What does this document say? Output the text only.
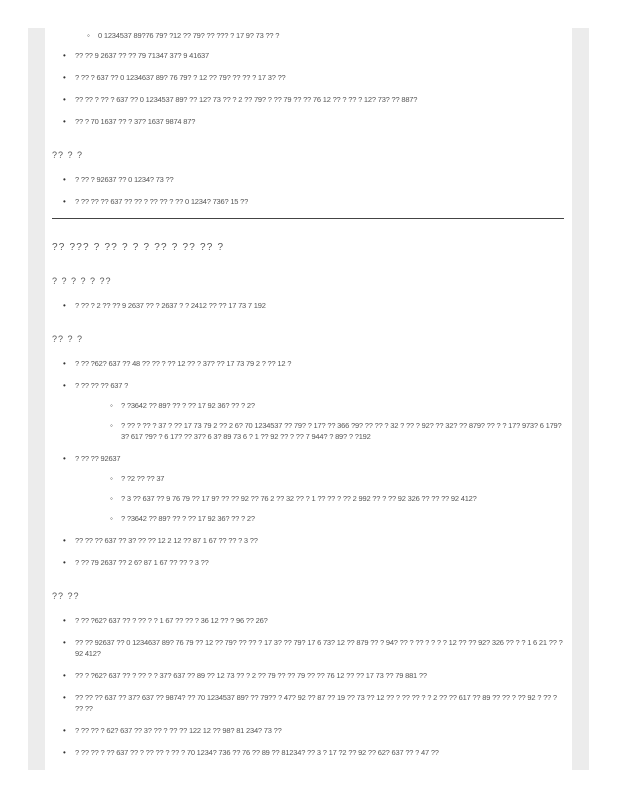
◦ 0 1234537 89?76 79? ?12 ?? 79? ?? ??? ? 17 9? 73 ?? ?
• ?? ?? 9 2637 ?? ?? 79 71347 37? 9 41637
• ? ?? ? 637 ?? 0 1234637 89? 76 79? ? 12 ?? 79? ?? ?? ? 17 3? ??
• ?? ?? ? ?? ? 637 ?? 0 1234537 89? ?? 12? 73 ?? ? 2 ?? 79? ? ?? 79 ?? ?? 76 12 ?? ? ?? ? 12? 73? ?? 887?
• ?? ? 70 1637 ?? ? 37? 1637 9874 87?
?? ? ?
• ? ?? ? 92637 ?? 0 1234? 73 ??
• ? ?? ?? ?? 637 ?? ?? ? ?? ?? ? ?? 0 1234? 736? 15 ??
?? ??? ? ?? ? ? ? ?? ? ?? ?? ?
? ? ? ? ? ??
• ? ?? ? 2 ?? ?? 9 2637 ?? ? 2637 ? ? 2412 ?? ?? 17 73 7 192
?? ? ?
• ? ?? ?62? 637 ?? 48 ?? ?? ? ?? 12 ?? ? 37? ?? 17 73 79 2 ? ?? 12 ?
• ? ?? ?? ?? 637 ?
◦ ? ?3642 ?? 89? ?? ? ?? 17 92 36? ?? ? 2?
◦ ? ?? ? ?? ? 37 ? ?? 17 73 79 2 ?? 2 6? 70 1234537 ?? 79? ? 17? ?? 366 ?9? ?? ?? ? 32 ? ?? ? 92? ?? 32? ?? 879? ?? ? ? 17? 973? 6 179?
3? 617 ?9? ? 6 17? ?? 37? 6 3? 89 73 6 ? 1 ?? 92 ?? ? ?? 7 944? ? 89? ? ?192
• ? ?? ?? 92637
◦ ? ?2 ?? ?? 37
◦ ? 3 ?? 637 ?? 9 76 79 ?? 17 9? ?? ?? 92 ?? 76 2 ?? 32 ?? ? 1 ?? ?? ? ?? 2 992 ?? ? ?? 92 326 ?? ?? ?? 92 412?
◦ ? ?3642 ?? 89? ?? ? ?? 17 92 36? ?? ? 2?
• ?? ?? ?? 637 ?? 3? ?? ?? 12 2 12 ?? 87 1 67 ?? ?? ? 3 ??
• ? ?? 79 2637 ?? 2 6? 87 1 67 ?? ?? ? 3 ??
?? ??
• ? ?? ?62? 637 ?? ? ?? ? ? 1 67 ?? ?? ? 36 12 ?? ? 96 ?? 26?
• ?? ?? 92637 ?? 0 1234637 89? 76 79 ?? 12 ?? 79? ?? ?? ? 17 3? ?? 79? 17 6 73? 12 ?? 879 ?? ? 94? ?? ? ?? ? ? ? ? 12 ?? ?? 92? 326 ?? ? ? 1 6 21 ?? ? 92 412?
• ?? ? ?62? 637 ?? ? ?? ? ? 37? 637 ?? 89 ?? 12 73 ?? ? 2 ?? 79 ?? ?? 79 ?? ?? 76 12 ?? ?? 17 73 ?? 79 881 ??
• ?? ?? ?? 637 ?? 37? 637 ?? 9874? ?? 70 1234537 89? ?? 79?? ? 47? 92 ?? 87 ?? 19 ?? 73 ?? 12 ?? ? ?? ?? ? ? 2 ?? ?? 617 ?? 89 ?? ?? ? ?? 92 ? ?? ? ?? ??
• ? ?? ?? ? 62? 637 ?? 3? ?? ? ?? ?? 122 12 ?? 98? 81 234? 73 ??
• ? ?? ?? ? ?? 637 ?? ? ?? ?? ? ?? ? 70 1234? 736 ?? 76 ?? 89 ?? 81234? ?? 3 ? 17 ?2 ?? 92 ?? 62? 637 ?? ? 47 ??
